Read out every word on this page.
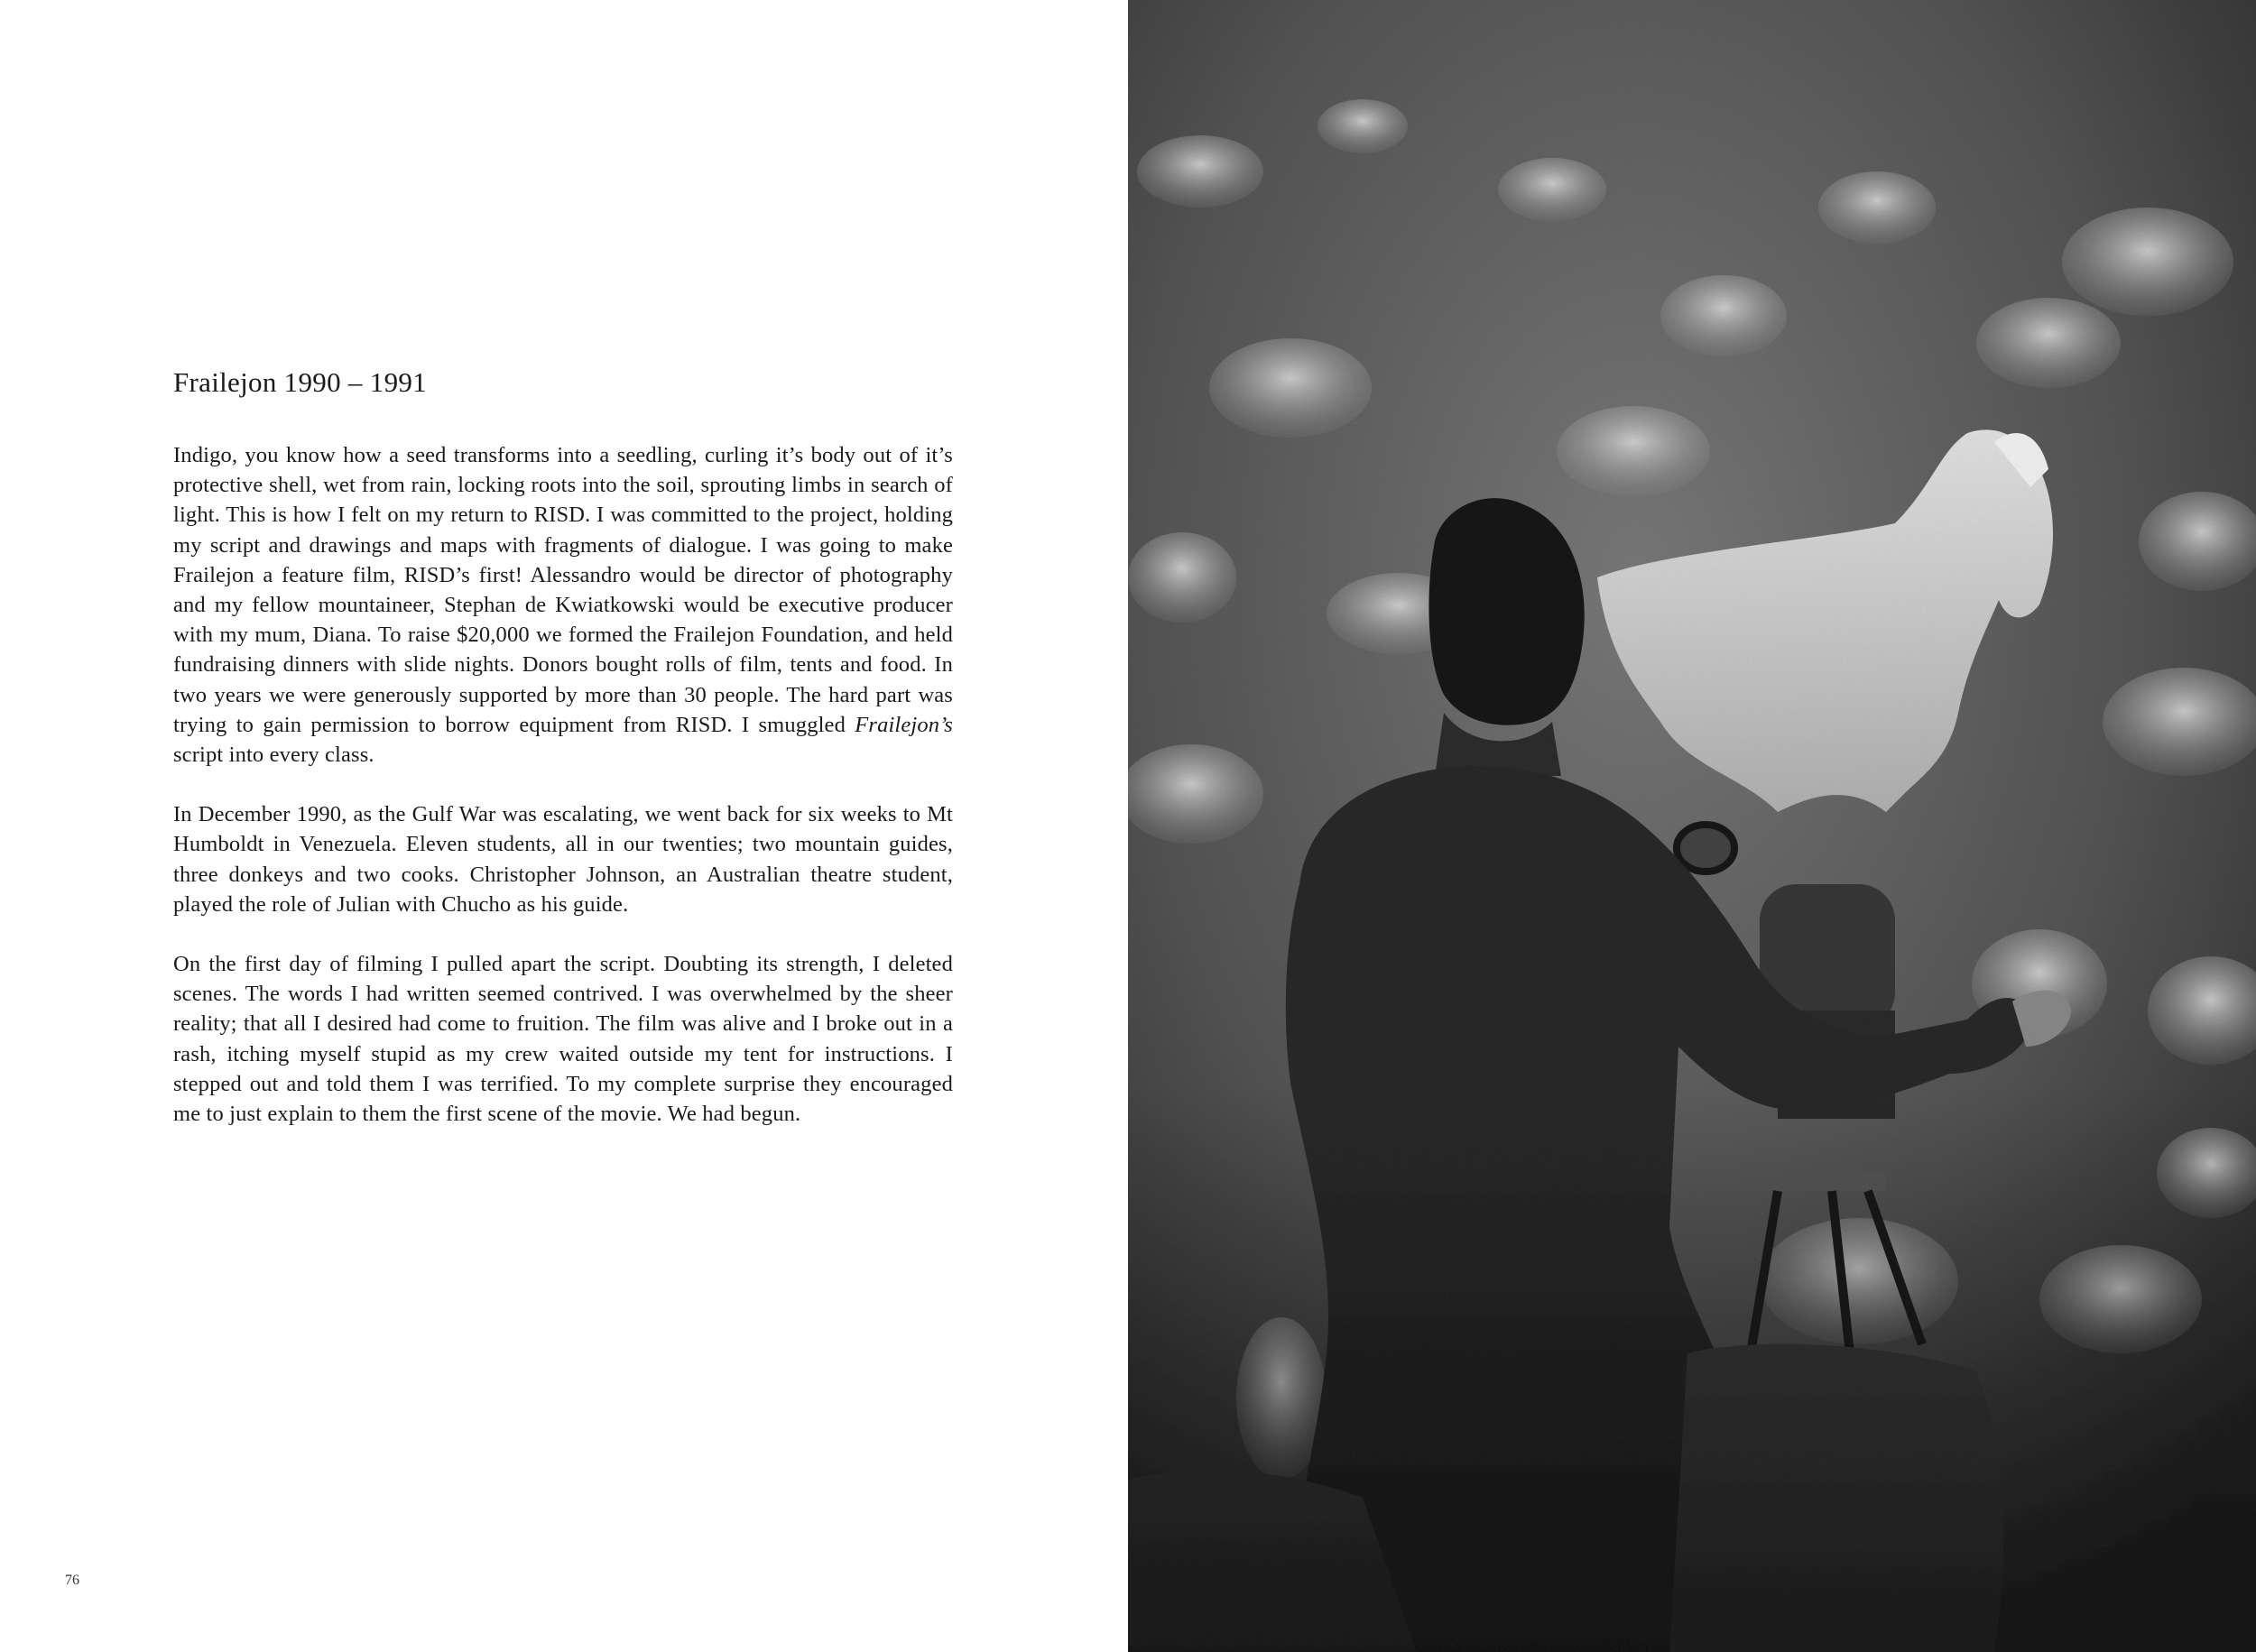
Frailejon 1990 – 1991

Indigo, you know how a seed transforms into a seedling, curling it’s body out of it’s protective shell, wet from rain, locking roots into the soil, sprouting limbs in search of light. This is how I felt on my return to RISD. I was committed to the project, holding my script and drawings and maps with fragments of dialogue. I was going to make Frailejon a feature film, RISD’s first! Alessandro would be director of photography and my fellow mountaineer, Stephan de Kwiatkowski would be executive producer with my mum, Diana. To raise $20,000 we formed the Frailejon Foundation, and held fundraising dinners with slide nights. Donors bought rolls of film, tents and food. In two years we were generously supported by more than 30 people. The hard part was trying to gain permission to borrow equipment from RISD. I smuggled Frailejon’s script into every class.

In December 1990, as the Gulf War was escalating, we went back for six weeks to Mt Humboldt in Venezuela. Eleven students, all in our twenties; two mountain guides, three donkeys and two cooks. Christopher Johnson, an Australian theatre student, played the role of Julian with Chucho as his guide.

On the first day of filming I pulled apart the script. Doubting its strength, I deleted scenes. The words I had written seemed contrived. I was overwhelmed by the sheer reality; that all I desired had come to fruition. The film was alive and I broke out in a rash, itching myself stupid as my crew waited outside my tent for instructions. I stepped out and told them I was terrified. To my complete surprise they encouraged me to just explain to them the first scene of the movie. We had begun.

76
